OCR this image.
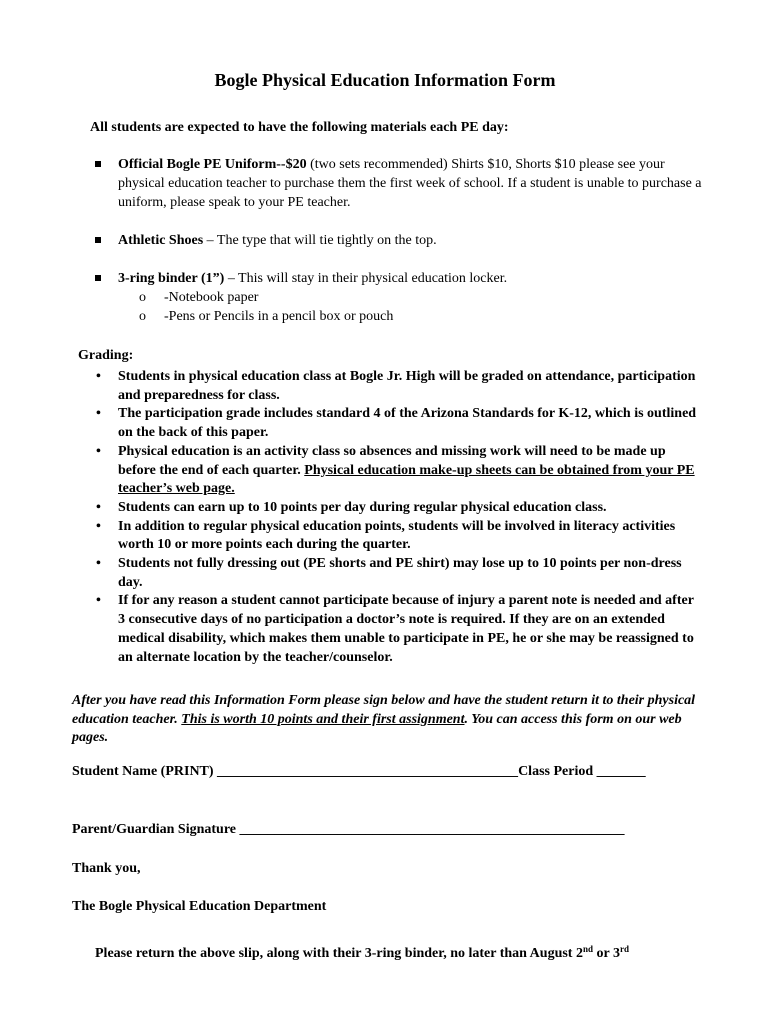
Bogle Physical Education Information Form
All students are expected to have the following materials each PE day:
Official Bogle PE Uniform--$20 (two sets recommended) Shirts $10, Shorts $10 please see your physical education teacher to purchase them the first week of school. If a student is unable to purchase a uniform, please speak to your PE teacher.
Athletic Shoes – The type that will tie tightly on the top.
3-ring binder (1”) – This will stay in their physical education locker.
o -Notebook paper
o -Pens or Pencils in a pencil box or pouch
Grading:
• Students in physical education class at Bogle Jr. High will be graded on attendance, participation and preparedness for class.
• The participation grade includes standard 4 of the Arizona Standards for K-12, which is outlined on the back of this paper.
• Physical education is an activity class so absences and missing work will need to be made up before the end of each quarter. Physical education make-up sheets can be obtained from your PE teacher’s web page.
• Students can earn up to 10 points per day during regular physical education class.
• In addition to regular physical education points, students will be involved in literacy activities worth 10 or more points each during the quarter.
• Students not fully dressing out (PE shorts and PE shirt) may lose up to 10 points per non-dress day.
• If for any reason a student cannot participate because of injury a parent note is needed and after 3 consecutive days of no participation a doctor’s note is required. If they are on an extended medical disability, which makes them unable to participate in PE, he or she may be reassigned to an alternate location by the teacher/counselor.
After you have read this Information Form please sign below and have the student return it to their physical education teacher. This is worth 10 points and their first assignment. You can access this form on our web pages.
Student Name (PRINT) ___________________________________________Class Period _______
Parent/Guardian Signature _______________________________________________________
Thank you,
The Bogle Physical Education Department
Please return the above slip, along with their 3-ring binder, no later than August 2nd or 3rd
